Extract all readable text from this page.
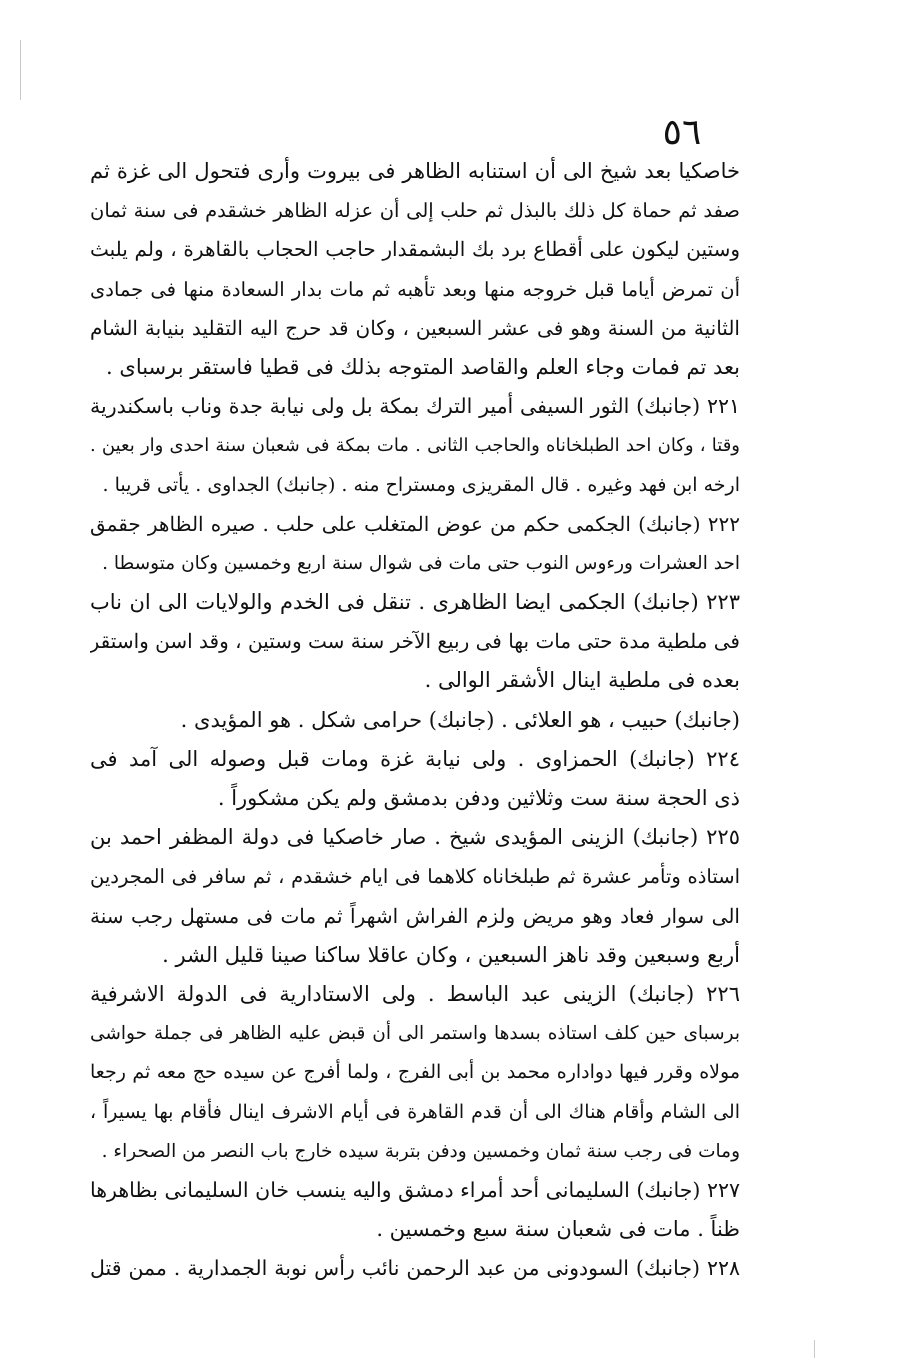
٥٦
خاصكيا بعد شيخ الى أن استنابه الظاهر فى بيروت وأرى فتحول الى غزة ثم
صفد ثم حماة كل ذلك بالبذل ثم حلب إلى أن عزله الظاهر خشقدم فى سنة ثمان
وستين ليكون على أقطاع برد بك البشمقدار حاجب الحجاب بالقاهرة ، ولم يلبث
أن تمرض أياما قبل خروجه منها وبعد تأهبه ثم مات بدار السعادة منها فى جمادى
الثانية من السنة وهو فى عشر السبعين ، وكان قد حرج اليه التقليد بنيابة الشام
بعد تم فمات وجاء العلم والقاصد المتوجه بذلك فى قطيا فاستقر برسباى .
٢٢١ (جانبك) الثور السيفى أمير الترك بمكة بل ولى نيابة جدة وناب باسكندرية
وقتا ، وكان احد الطبلخاناه والحاجب الثانى . مات بمكة فى شعبان سنة احدى وار بعين .
ارخه ابن فهد وغيره . قال المقريزى ومستراح منه . (جانبك) الجداوى . يأتى قريبا .
٢٢٢ (جانبك) الجكمى حكم من عوض المتغلب على حلب . صيره الظاهر جقمق
احد العشرات ورءوس النوب حتى مات فى شوال سنة اربع وخمسين وكان متوسطا .
٢٢٣ (جانبك) الجكمى ايضا الظاهرى . تنقل فى الخدم والولايات الى ان ناب
فى ملطية مدة حتى مات بها فى ربيع الآخر سنة ست وستين ، وقد اسن واستقر
بعده فى ملطية اينال الأشقر الوالى .
(جانبك) حبيب ، هو العلائى . (جانبك) حرامى شكل . هو المؤيدى .
٢٢٤ (جانبك) الحمزاوى . ولى نيابة غزة ومات قبل وصوله الى آمد فى
ذى الحجة سنة ست وثلاثين ودفن بدمشق ولم يكن مشكوراً .
٢٢٥ (جانبك) الزينى المؤيدى شيخ . صار خاصكيا فى دولة المظفر احمد بن
استاذه وتأمر عشرة ثم طبلخاناه كلاهما فى ايام خشقدم ، ثم سافر فى المجردين
الى سوار فعاد وهو مريض ولزم الفراش اشهراً ثم مات فى مستهل رجب سنة
أربع وسبعين وقد ناهز السبعين ، وكان عاقلا ساكنا صينا قليل الشر .
٢٢٦ (جانبك) الزينى عبد الباسط . ولى الاستادارية فى الدولة الاشرفية
برسباى حين كلف استاذه بسدها واستمر الى أن قبض عليه الظاهر فى جملة حواشى
مولاه وقرر فيها دواداره محمد بن أبى الفرج ، ولما أفرج عن سيده حج معه ثم رجعا
الى الشام وأقام هناك الى أن قدم القاهرة فى أيام الاشرف اينال فأقام بها يسيراً ،
ومات فى رجب سنة ثمان وخمسين ودفن بتربة سيده خارج باب النصر من الصحراء .
٢٢٧ (جانبك) السليمانى أحد أمراء دمشق واليه ينسب خان السليمانى بظاهرها
ظناً . مات فى شعبان سنة سبع وخمسين .
٢٢٨ (جانبك) السودونى من عبد الرحمن نائب رأس نوبة الجمدارية . ممن قتل
